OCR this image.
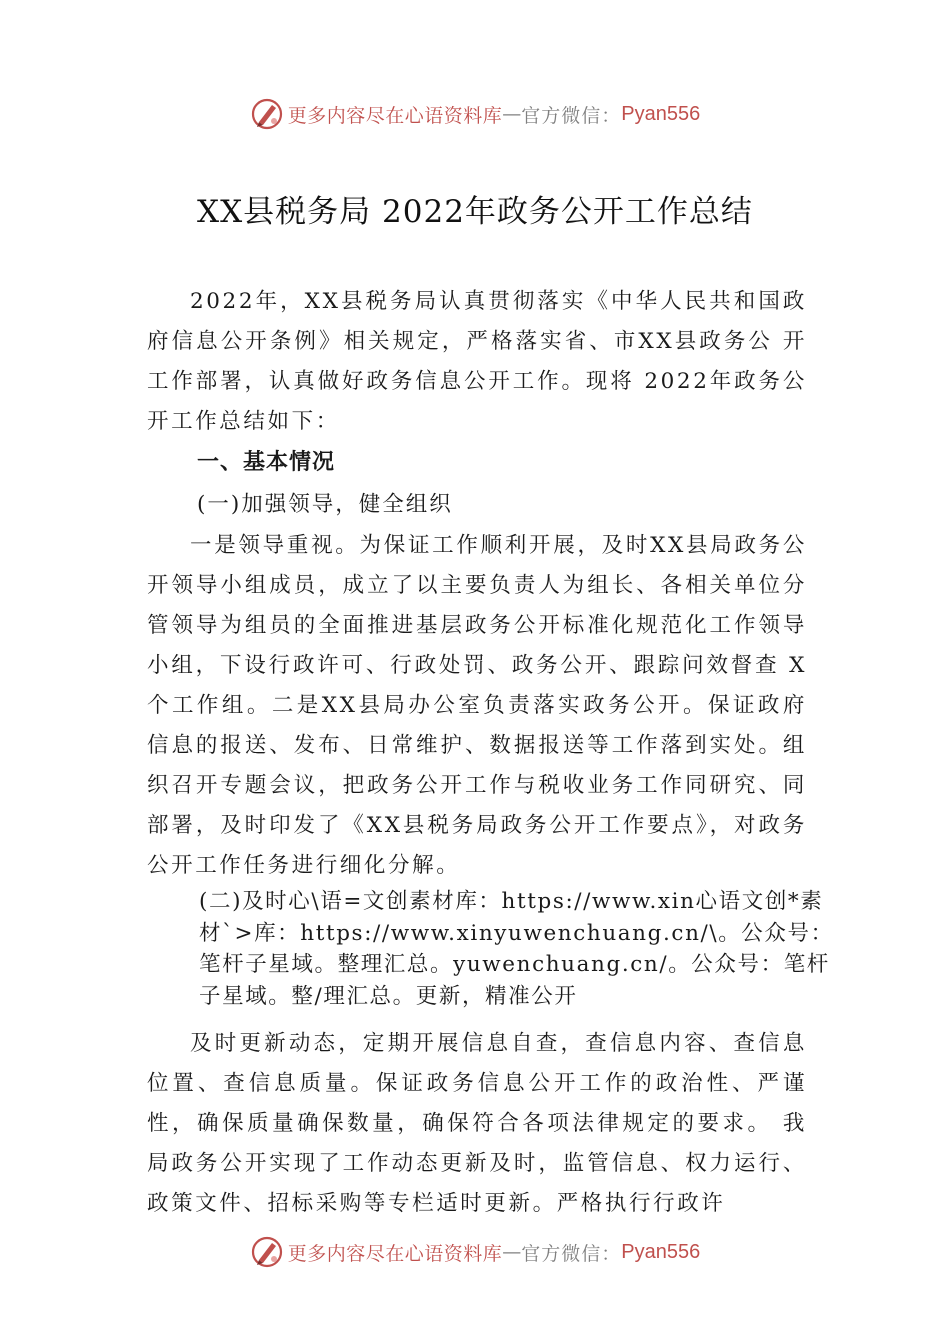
更多内容尽在心语资料库 — 官方微信： Pyan556
XX县税务局 2022年政务公开工作总结

2022年，XX县税务局认真贯彻落实《中华人民共和国政府信息公开条例》相关规定，严格落实省、市XX县政务公 开工作部署，认真做好政务信息公开工作。现将 2022年政务公开工作总结如下：

一、基本情况

(一)加强领导，健全组织

一是领导重视。为保证工作顺利开展，及时XX县局政务公开领导小组成员，成立了以主要负责人为组长、各相关单位分管领导为组员的全面推进基层政务公开标准化规范化工作领导小组，下设行政许可、行政处罚、政务公开、跟踪问效督查 X 个工作组。二是XX县局办公室负责落实政务公开。保证政府信息的报送、发布、日常维护、数据报送等工作落到实处。组织召开专题会议，把政务公开工作与税收业务工作同研究、同部署，及时印发了《XX县税务局政务公开工作要点》，对政务公开工作任务进行细化分解。

(二)及时心\语=文创素材库：https://www.xin心语文创*素材`>库：https://www.xinyuwenchuang.cn/\。公众号：笔杆子星域。整理汇总。yuwenchuang.cn/。公众号：笔杆子星域。整/理汇总。更新，精准公开

及时更新动态，定期开展信息自查，查信息内容、查信息位置、查信息质量。保证政务信息公开工作的政治性、严谨性，确保质量确保数量，确保符合各项法律规定的要求。 我局政务公开实现了工作动态更新及时，监管信息、权力运行、政策文件、招标采购等专栏适时更新。严格执行行政许

更多内容尽在心语资料库 — 官方微信： Pyan556
